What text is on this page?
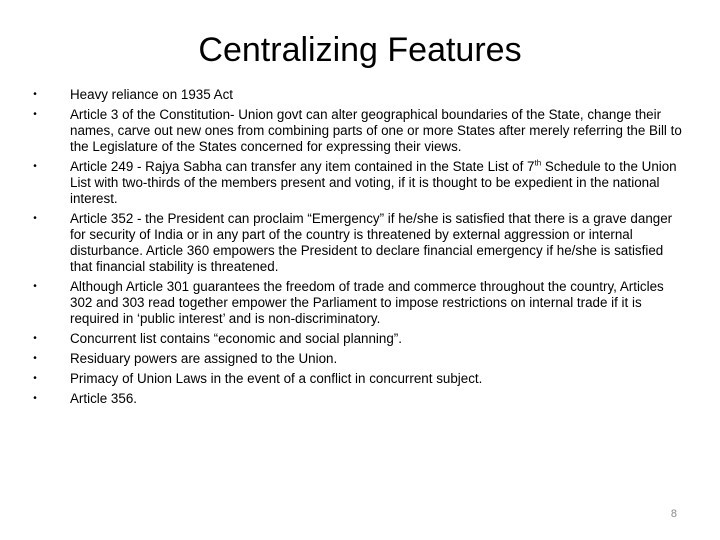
Centralizing Features
• Heavy reliance on 1935 Act
• Article 3 of the Constitution- Union govt can alter geographical boundaries of the State, change their names, carve out new ones from combining parts of one or more States after merely referring the Bill to the Legislature of the States concerned for expressing their views.
• Article 249 - Rajya Sabha can transfer any item contained in the State List of 7th Schedule to the Union List with two-thirds of the members present and voting, if it is thought to be expedient in the national interest.
• Article 352 - the President can proclaim “Emergency” if he/she is satisfied that there is a grave danger for security of India or in any part of the country is threatened by external aggression or internal disturbance. Article 360 empowers the President to declare financial emergency if he/she is satisfied that financial stability is threatened.
• Although Article 301 guarantees the freedom of trade and commerce throughout the country, Articles 302 and 303 read together empower the Parliament to impose restrictions on internal trade if it is required in ‘public interest’ and is non-discriminatory.
• Concurrent list contains “economic and social planning”.
• Residuary powers are assigned to the Union.
• Primacy of Union Laws in the event of a conflict in concurrent subject.
• Article 356.
8
